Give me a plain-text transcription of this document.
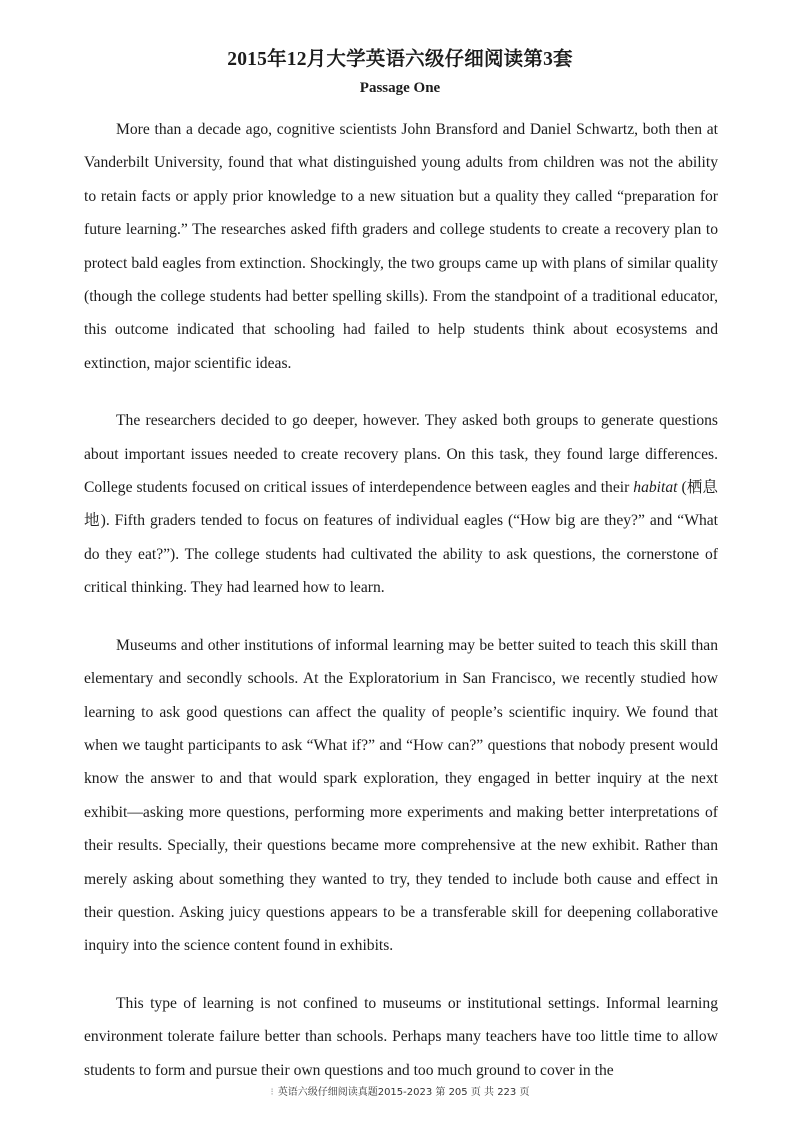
2015年12月大学英语六级仔细阅读第3套
Passage One

More than a decade ago, cognitive scientists John Bransford and Daniel Schwartz, both then at Vanderbilt University, found that what distinguished young adults from children was not the ability to retain facts or apply prior knowledge to a new situation but a quality they called “preparation for future learning.” The researches asked fifth graders and college students to create a recovery plan to protect bald eagles from extinction. Shockingly, the two groups came up with plans of similar quality (though the college students had better spelling skills). From the standpoint of a traditional educator, this outcome indicated that schooling had failed to help students think about ecosystems and extinction, major scientific ideas.

The researchers decided to go deeper, however. They asked both groups to generate questions about important issues needed to create recovery plans. On this task, they found large differences. College students focused on critical issues of interdependence between eagles and their habitat (栖息地). Fifth graders tended to focus on features of individual eagles (“How big are they?” and “What do they eat?”). The college students had cultivated the ability to ask questions, the cornerstone of critical thinking. They had learned how to learn.

Museums and other institutions of informal learning may be better suited to teach this skill than elementary and secondly schools. At the Exploratorium in San Francisco, we recently studied how learning to ask good questions can affect the quality of people’s scientific inquiry. We found that when we taught participants to ask “What if?” and “How can?” questions that nobody present would know the answer to and that would spark exploration, they engaged in better inquiry at the next exhibit—asking more questions, performing more experiments and making better interpretations of their results. Specially, their questions became more comprehensive at the new exhibit. Rather than merely asking about something they wanted to try, they tended to include both cause and effect in their question. Asking juicy questions appears to be a transferable skill for deepening collaborative inquiry into the science content found in exhibits.

This type of learning is not confined to museums or institutional settings. Informal learning environment tolerate failure better than schools. Perhaps many teachers have too little time to allow students to form and pursue their own questions and too much ground to cover in the

⁝ 英语六级仔细阅读真题2015-2023 第 205 页 共 223 页
